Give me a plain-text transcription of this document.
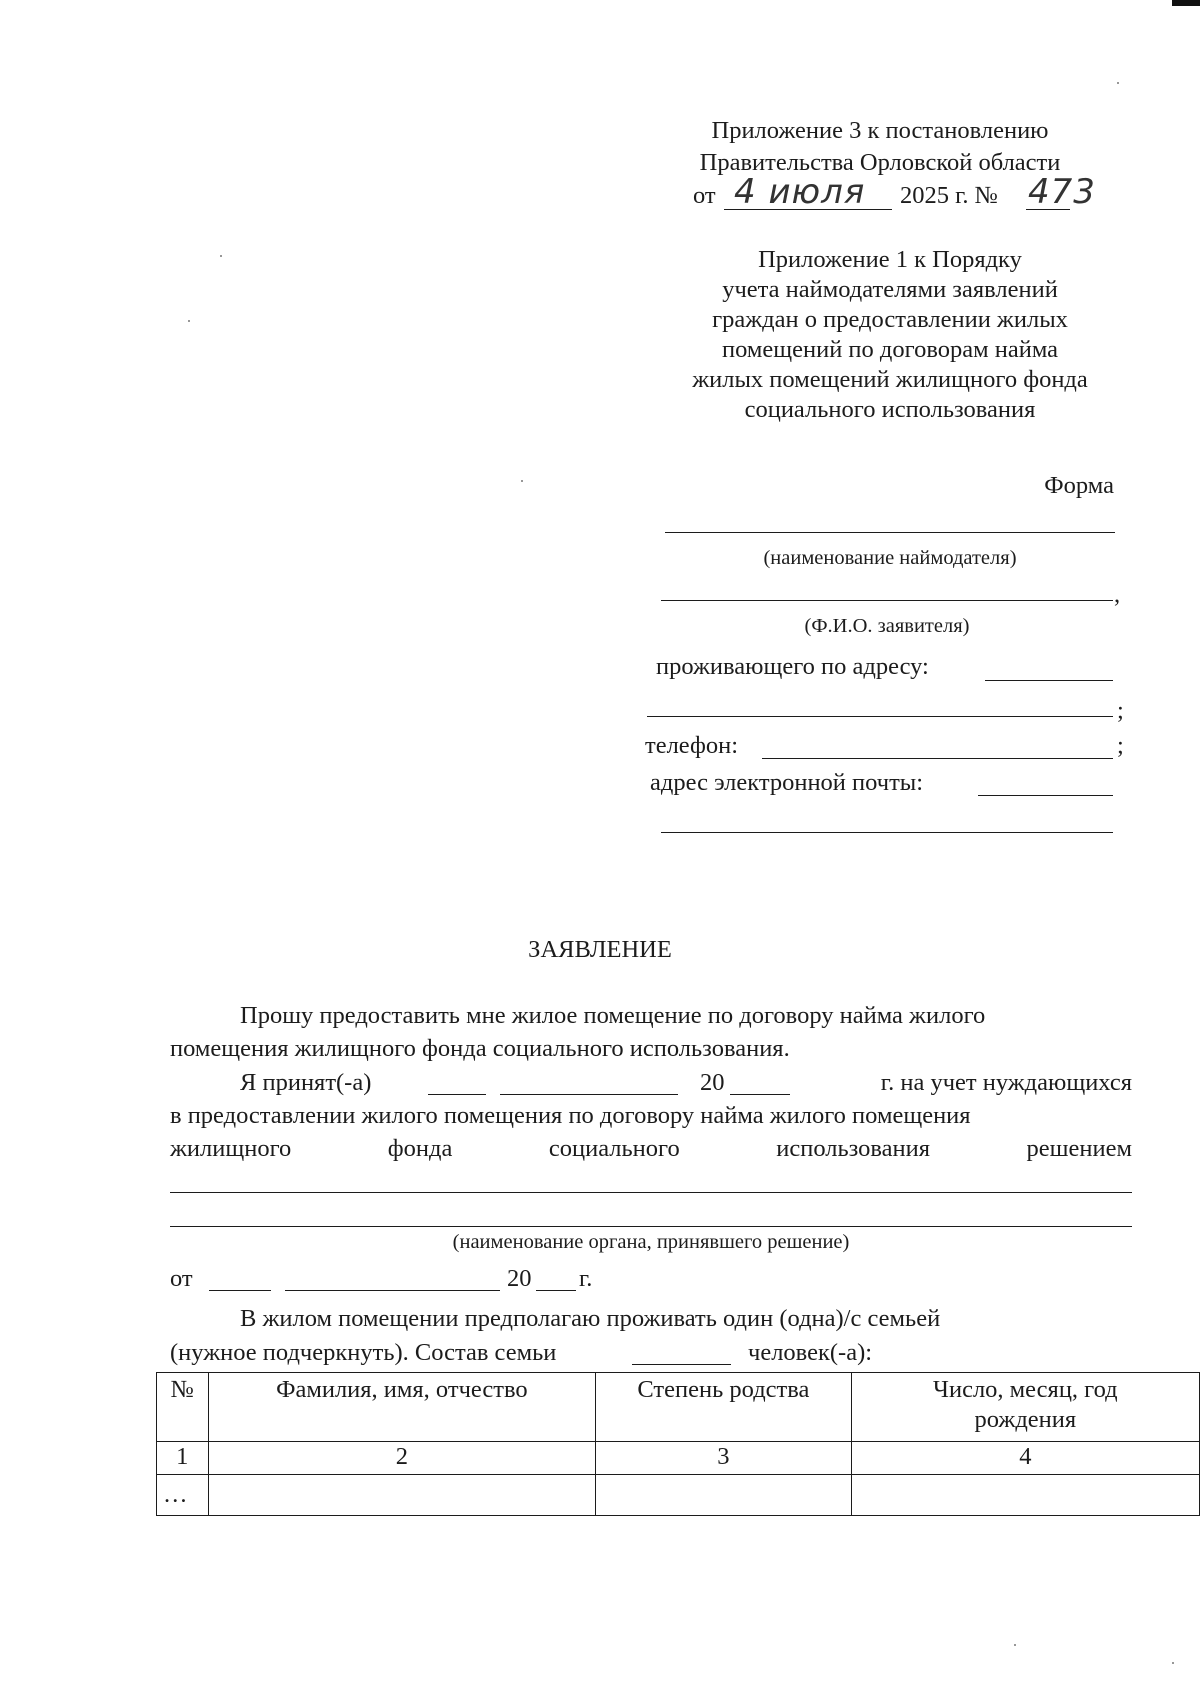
Приложение 3 к постановлению
Правительства Орловской области
от 4 июля 2025 г. № 473
Приложение 1 к Порядку
учета наймодателями заявлений
граждан о предоставлении жилых
помещений по договорам найма
жилых помещений жилищного фонда
социального использования
Форма
(наименование наймодателя)
,
(Ф.И.О. заявителя)
проживающего по адресу:
;
телефон:	;
адрес электронной почты:
ЗАЯВЛЕНИЕ
Прошу предоставить мне жилое помещение по договору найма жилого
помещения жилищного фонда социального использования.
Я принят(-а)	20	г. на учет нуждающихся
в предоставлении жилого помещения по договору найма жилого помещения
жилищного	фонда	социального	использования	решением
(наименование органа, принявшего решение)
от	20 г.
В жилом помещении предполагаю проживать один (одна)/с семьей
(нужное подчеркнуть). Состав семьи	человек(-а):
№	Фамилия, имя, отчество	Степень родства	Число, месяц, год рождения
1	2	3	4
…			
